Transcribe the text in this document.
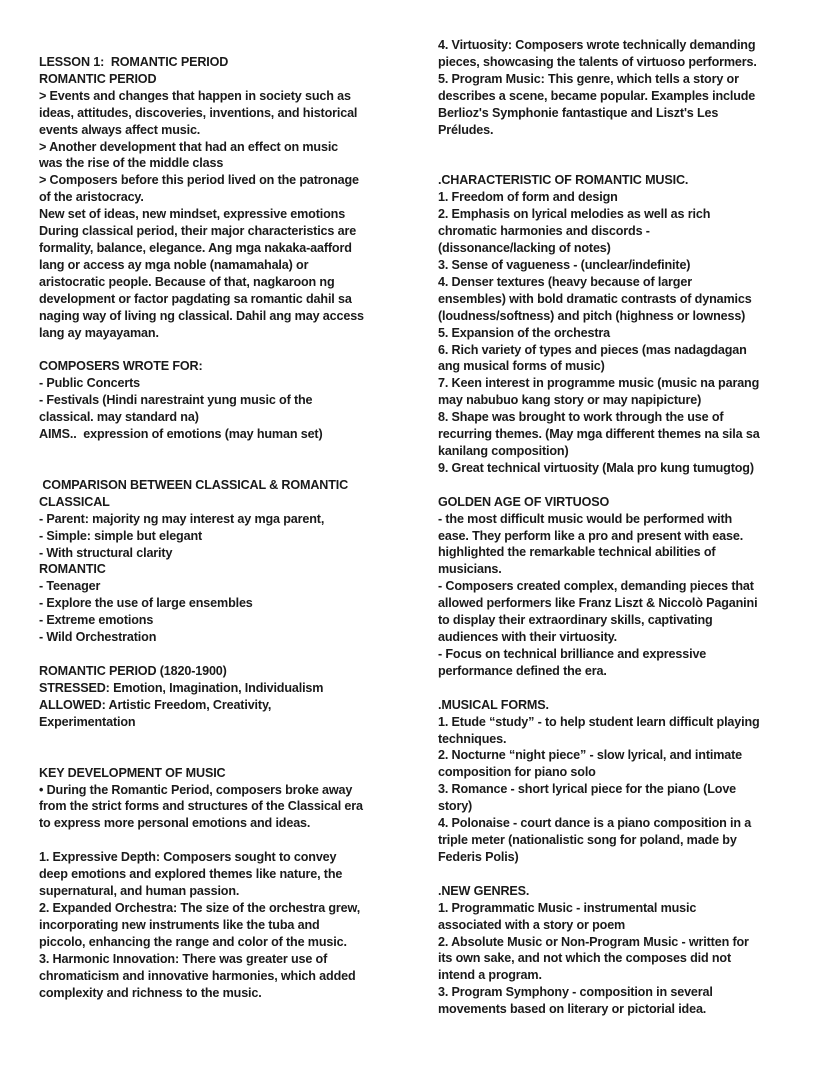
LESSON 1:  ROMANTIC PERIOD
ROMANTIC PERIOD
> Events and changes that happen in society such as
ideas, attitudes, discoveries, inventions, and historical
events always affect music.
> Another development that had an effect on music
was the rise of the middle class
> Composers before this period lived on the patronage
of the aristocracy.
New set of ideas, new mindset, expressive emotions
During classical period, their major characteristics are
formality, balance, elegance. Ang mga nakaka-aafford
lang or access ay mga noble (namamahala) or
aristocratic people. Because of that, nagkaroon ng
development or factor pagdating sa romantic dahil sa
naging way of living ng classical. Dahil ang may access
lang ay mayayaman.
COMPOSERS WROTE FOR:
- Public Concerts
- Festivals (Hindi narestraint yung music of the
classical. may standard na)
AIMS..  expression of emotions (may human set)
COMPARISON BETWEEN CLASSICAL & ROMANTIC
CLASSICAL
- Parent: majority ng may interest ay mga parent,
- Simple: simple but elegant
- With structural clarity
ROMANTIC
- Teenager
- Explore the use of large ensembles
- Extreme emotions
- Wild Orchestration
ROMANTIC PERIOD (1820-1900)
STRESSED: Emotion, Imagination, Individualism
ALLOWED: Artistic Freedom, Creativity,
Experimentation
KEY DEVELOPMENT OF MUSIC
• During the Romantic Period, composers broke away
from the strict forms and structures of the Classical era
to express more personal emotions and ideas.
1. Expressive Depth: Composers sought to convey
deep emotions and explored themes like nature, the
supernatural, and human passion.
2. Expanded Orchestra: The size of the orchestra grew,
incorporating new instruments like the tuba and
piccolo, enhancing the range and color of the music.
3. Harmonic Innovation: There was greater use of
chromaticism and innovative harmonies, which added
complexity and richness to the music.
4. Virtuosity: Composers wrote technically demanding
pieces, showcasing the talents of virtuoso performers.
5. Program Music: This genre, which tells a story or
describes a scene, became popular. Examples include
Berlioz's Symphonie fantastique and Liszt's Les
Préludes.
.CHARACTERISTIC OF ROMANTIC MUSIC.
1. Freedom of form and design
2. Emphasis on lyrical melodies as well as rich
chromatic harmonies and discords -
(dissonance/lacking of notes)
3. Sense of vagueness - (unclear/indefinite)
4. Denser textures (heavy because of larger
ensembles) with bold dramatic contrasts of dynamics
(loudness/softness) and pitch (highness or lowness)
5. Expansion of the orchestra
6. Rich variety of types and pieces (mas nadagdagan
ang musical forms of music)
7. Keen interest in programme music (music na parang
may nabubuo kang story or may napipicture)
8. Shape was brought to work through the use of
recurring themes. (May mga different themes na sila sa
kanilang composition)
9. Great technical virtuosity (Mala pro kung tumugtog)
GOLDEN AGE OF VIRTUOSO
- the most difficult music would be performed with
ease. They perform like a pro and present with ease.
highlighted the remarkable technical abilities of
musicians.
- Composers created complex, demanding pieces that
allowed performers like Franz Liszt & Niccolò Paganini
to display their extraordinary skills, captivating
audiences with their virtuosity.
- Focus on technical brilliance and expressive
performance defined the era.
.MUSICAL FORMS.
1. Etude “study” - to help student learn difficult playing
techniques.
2. Nocturne “night piece” - slow lyrical, and intimate
composition for piano solo
3. Romance - short lyrical piece for the piano (Love
story)
4. Polonaise - court dance is a piano composition in a
triple meter (nationalistic song for poland, made by
Federis Polis)
.NEW GENRES.
1. Programmatic Music - instrumental music
associated with a story or poem
2. Absolute Music or Non-Program Music - written for
its own sake, and not which the composes did not
intend a program.
3. Program Symphony - composition in several
movements based on literary or pictorial idea.
